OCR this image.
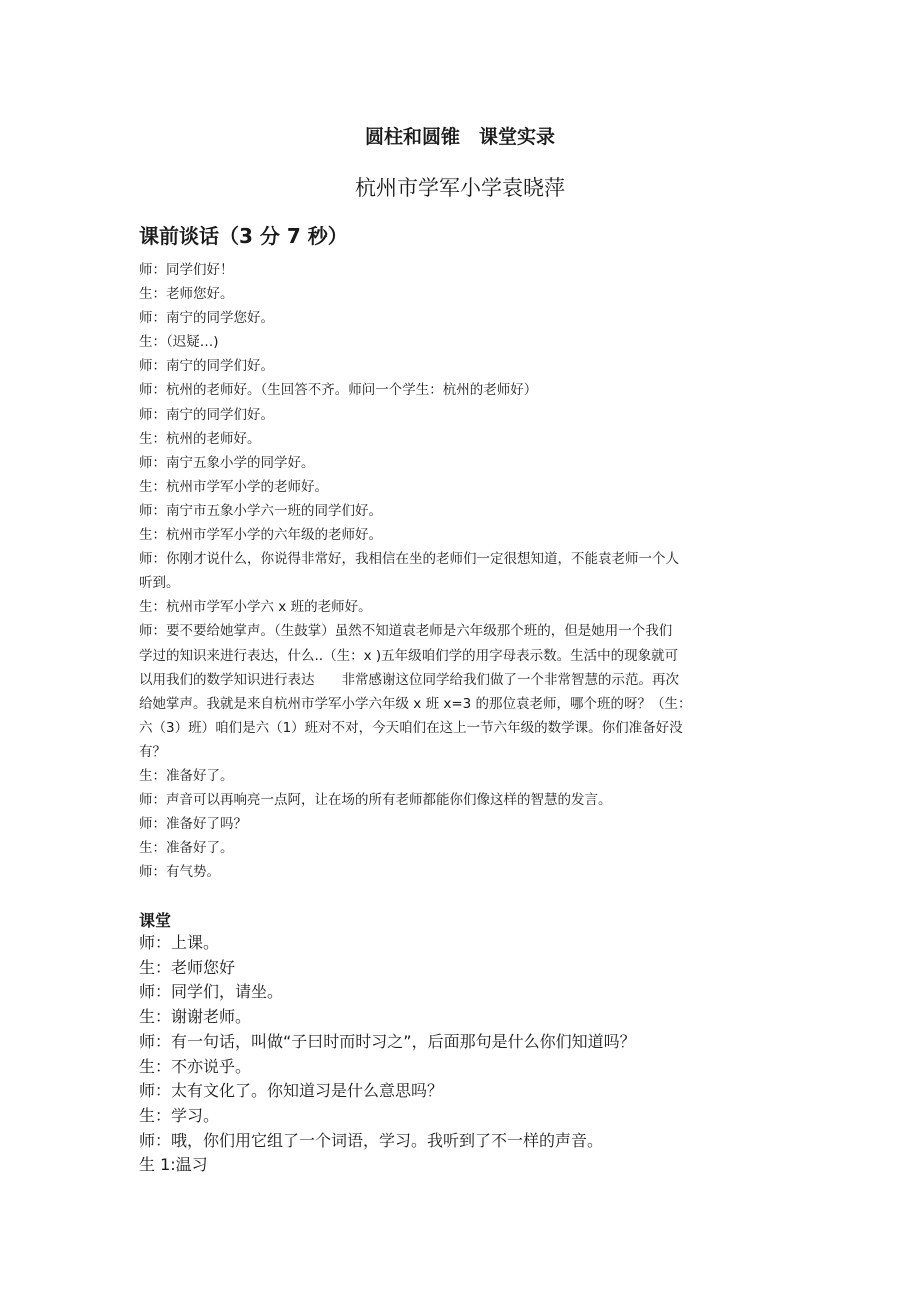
圆柱和圆锥　课堂实录
杭州市学军小学袁晓萍
课前谈话（3 分 7 秒）
师：同学们好！
生：老师您好。
师：南宁的同学您好。
生：（迟疑…)
师：南宁的同学们好。
师：杭州的老师好。（生回答不齐。师问一个学生：杭州的老师好）
师：南宁的同学们好。
生：杭州的老师好。
师：南宁五象小学的同学好。
生：杭州市学军小学的老师好。
师：南宁市五象小学六一班的同学们好。
生：杭州市学军小学的六年级的老师好。
师：你刚才说什么，你说得非常好，我相信在坐的老师们一定很想知道，不能袁老师一个人
听到。
生：杭州市学军小学六 x 班的老师好。
师：要不要给她掌声。（生鼓掌）虽然不知道袁老师是六年级那个班的，但是她用一个我们
学过的知识来进行表达，什么..（生：x )五年级咱们学的用字母表示数。生活中的现象就可
以用我们的数学知识进行表达　　非常感谢这位同学给我们做了一个非常智慧的示范。再次
给她掌声。我就是来自杭州市学军小学六年级 x 班 x=3 的那位袁老师，哪个班的呀？（生：
六（3）班）咱们是六（1）班对不对，今天咱们在这上一节六年级的数学课。你们准备好没
有？
生：准备好了。
师：声音可以再响亮一点阿，让在场的所有老师都能你们像这样的智慧的发言。
师：准备好了吗？
生：准备好了。
师：有气势。
课堂
师：上课。
生：老师您好
师：同学们，请坐。
生：谢谢老师。
师：有一句话，叫做“子曰时而时习之”，后面那句是什么你们知道吗？
生：不亦说乎。
师：太有文化了。你知道习是什么意思吗？
生：学习。
师：哦，你们用它组了一个词语，学习。我听到了不一样的声音。
生 1:温习
